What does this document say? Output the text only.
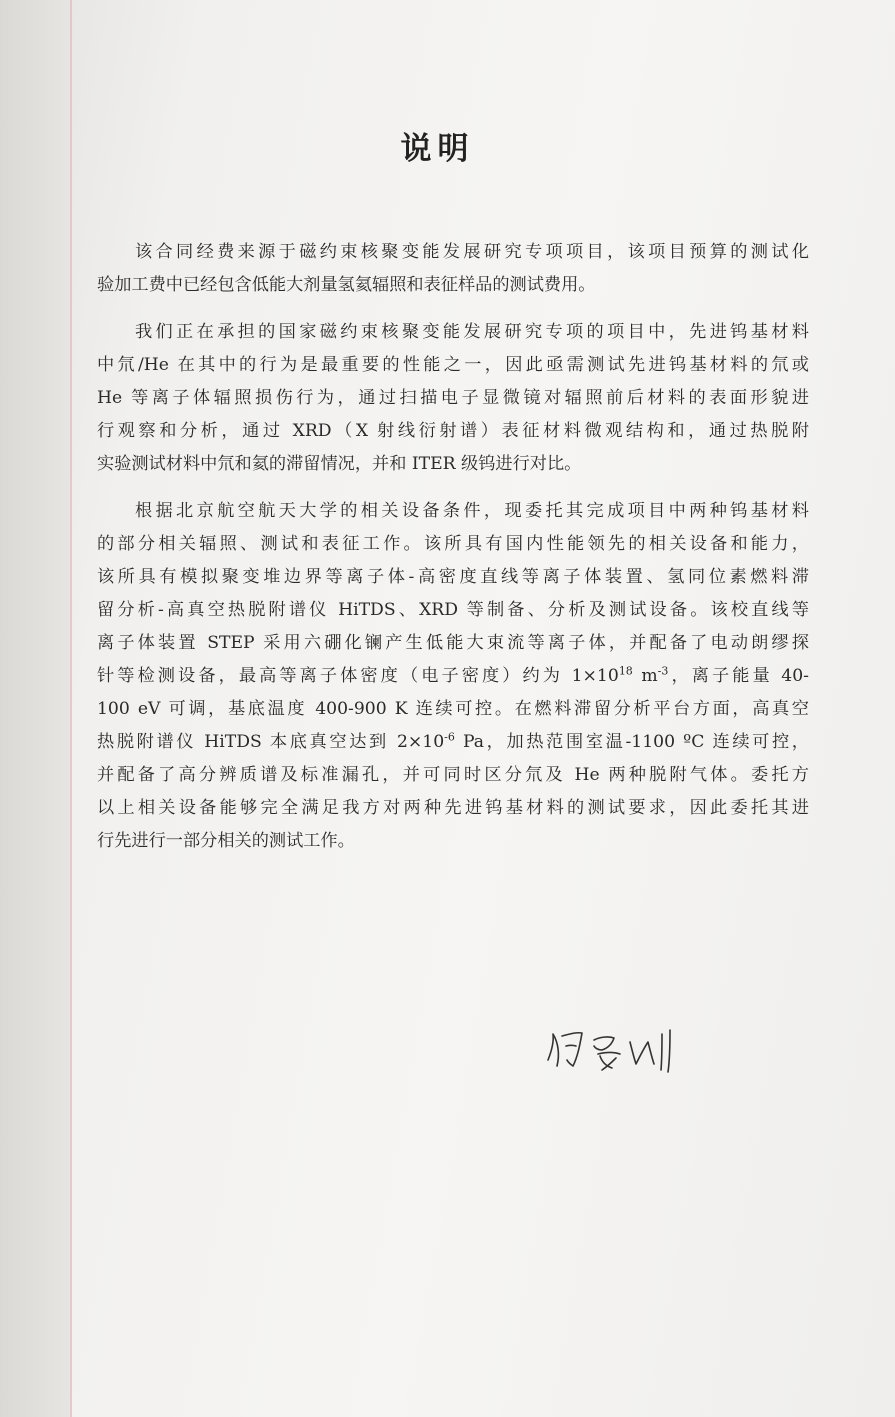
说明

该合同经费来源于磁约束核聚变能发展研究专项项目，该项目预算的测试化
验加工费中已经包含低能大剂量氢氦辐照和表征样品的测试费用。

我们正在承担的国家磁约束核聚变能发展研究专项的项目中，先进钨基材料
中氘/He 在其中的行为是最重要的性能之一，因此亟需测试先进钨基材料的氘或
He 等离子体辐照损伤行为，通过扫描电子显微镜对辐照前后材料的表面形貌进
行观察和分析，通过 XRD（X 射线衍射谱）表征材料微观结构和，通过热脱附
实验测试材料中氘和氦的滞留情况，并和 ITER 级钨进行对比。

根据北京航空航天大学的相关设备条件，现委托其完成项目中两种钨基材料
的部分相关辐照、测试和表征工作。该所具有国内性能领先的相关设备和能力，
该所具有模拟聚变堆边界等离子体-高密度直线等离子体装置、氢同位素燃料滞
留分析-高真空热脱附谱仪 HiTDS、XRD 等制备、分析及测试设备。该校直线等
离子体装置 STEP 采用六硼化镧产生低能大束流等离子体，并配备了电动朗缪探
针等检测设备，最高等离子体密度（电子密度）约为 $1\times 10^{18}$ $m^{-3}$，离子能量 40-
100 eV 可调，基底温度 400-900 K 连续可控。在燃料滞留分析平台方面，高真空
热脱附谱仪 HiTDS 本底真空达到 $2\times 10^{-6}$ Pa，加热范围室温-1100 ºC 连续可控，
并配备了高分辨质谱及标准漏孔，并可同时区分氘及 He 两种脱附气体。委托方
以上相关设备能够完全满足我方对两种先进钨基材料的测试要求，因此委托其进
行先进行一部分相关的测试工作。
